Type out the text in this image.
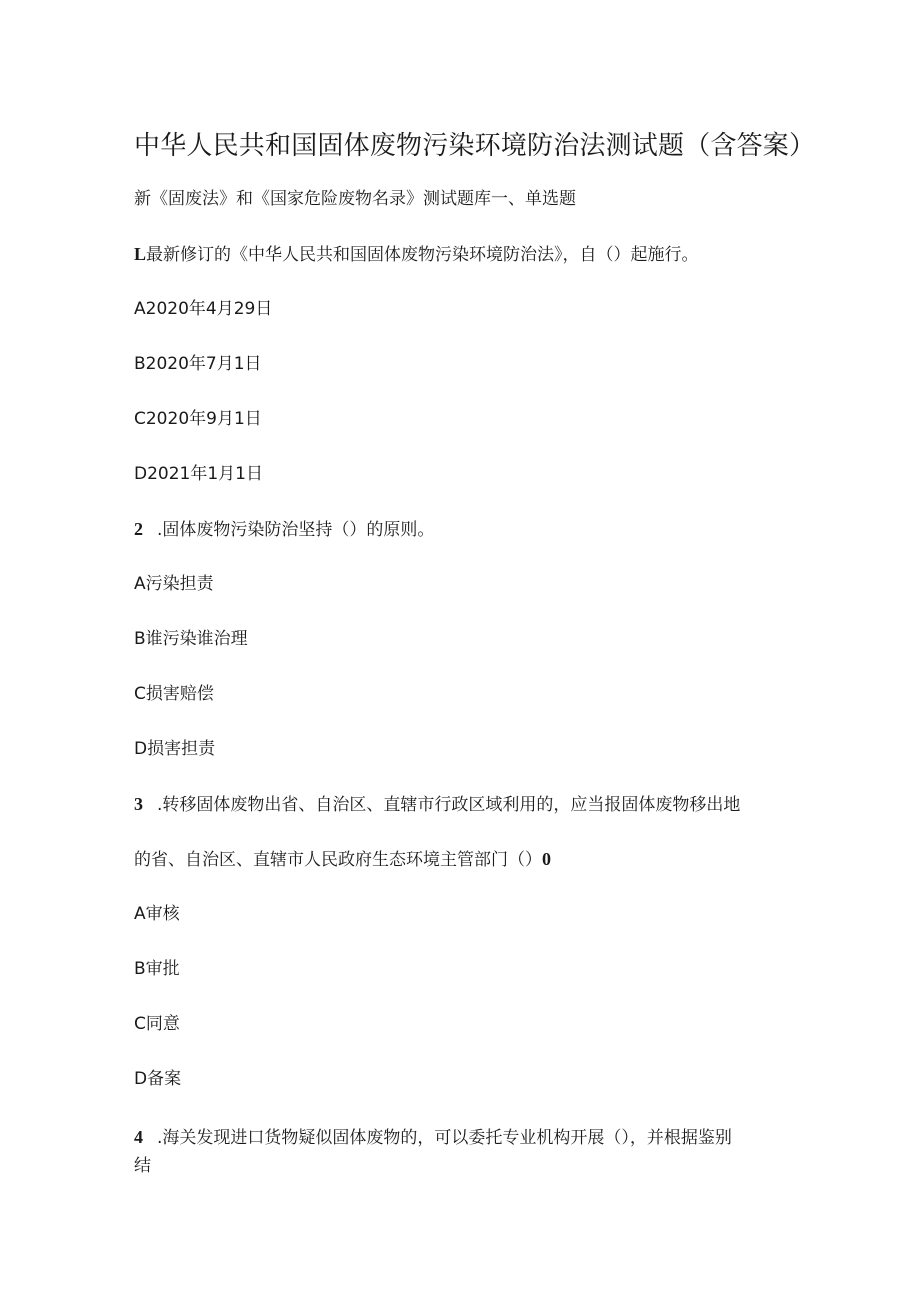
中华人民共和国固体废物污染环境防治法测试题（含答案）
新《固废法》和《国家危险废物名录》测试题库一、单选题
L最新修订的《中华人民共和国固体废物污染环境防治法》，自（）起施行。
A2020年4月29日
B2020年7月1日
C2020年9月1日
D2021年1月1日
2 .固体废物污染防治坚持（）的原则。
A污染担责
B谁污染谁治理
C损害赔偿
D损害担责
3 .转移固体废物出省、自治区、直辖市行政区域利用的，应当报固体废物移出地
的省、自治区、直辖市人民政府生态环境主管部门（）0
A审核
B审批
C同意
D备案
4 .海关发现进口货物疑似固体废物的，可以委托专业机构开展（），并根据鉴别
结
